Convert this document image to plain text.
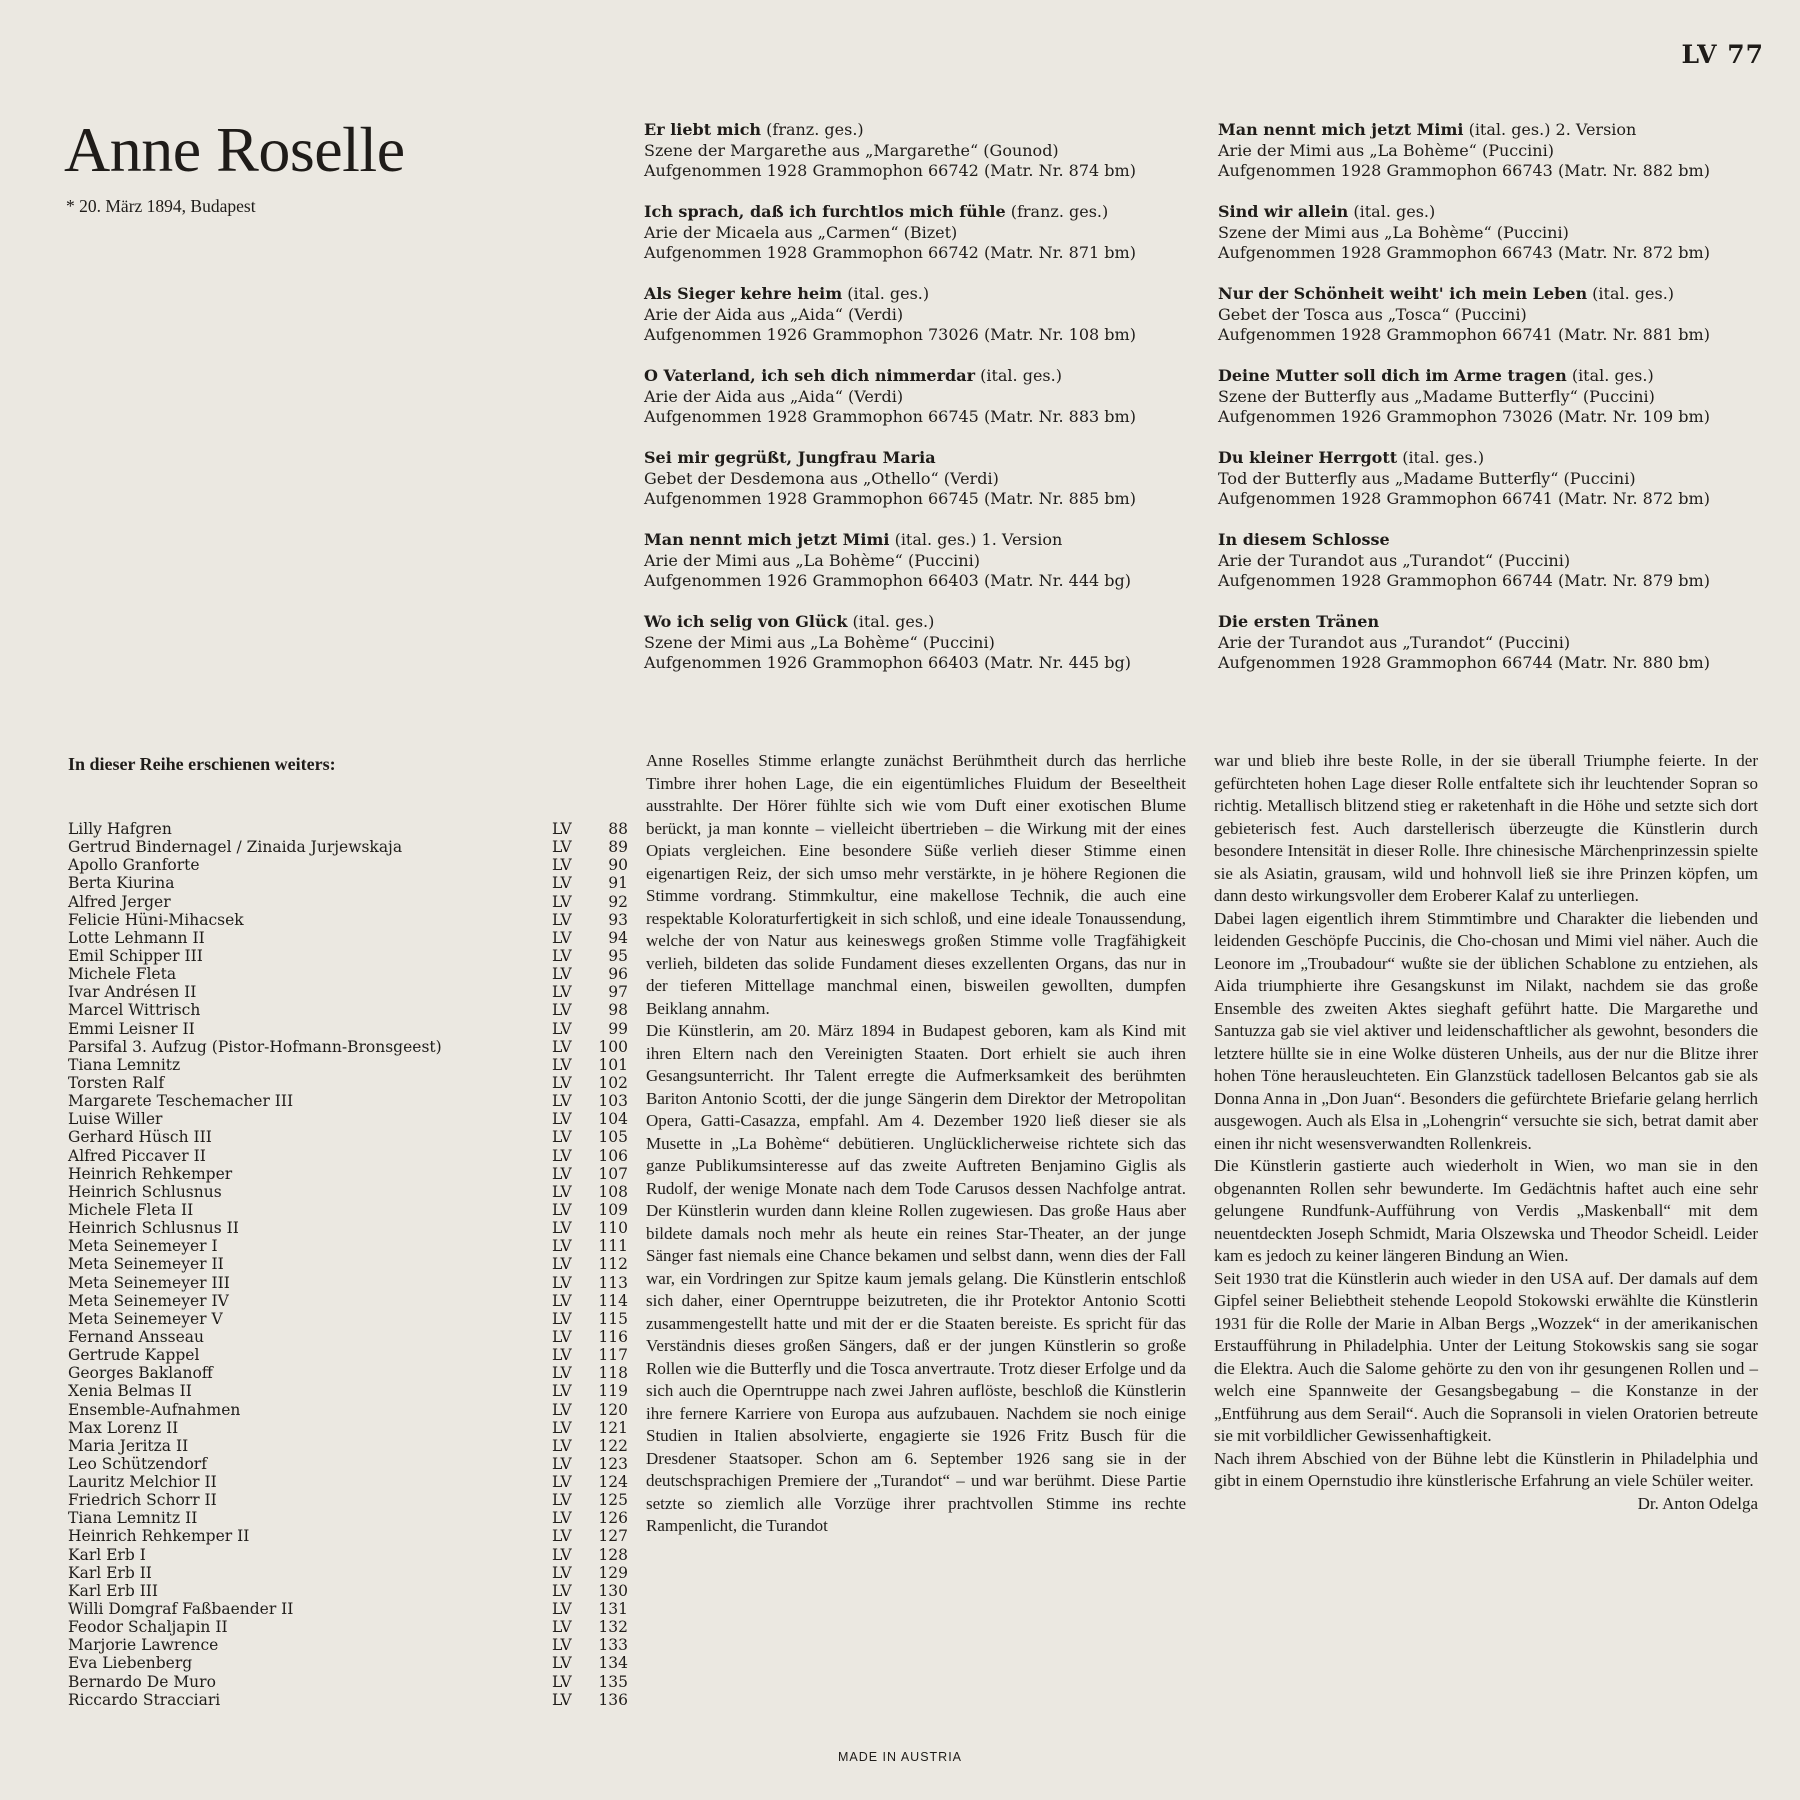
LV 77
Anne Roselle
* 20. März 1894, Budapest
Er liebt mich (franz. ges.)
Szene der Margarethe aus „Margarethe“ (Gounod)
Aufgenommen 1928 Grammophon 66742 (Matr. Nr. 874 bm)
Ich sprach, daß ich furchtlos mich fühle (franz. ges.)
Arie der Micaela aus „Carmen“ (Bizet)
Aufgenommen 1928 Grammophon 66742 (Matr. Nr. 871 bm)
Als Sieger kehre heim (ital. ges.)
Arie der Aida aus „Aida“ (Verdi)
Aufgenommen 1926 Grammophon 73026 (Matr. Nr. 108 bm)
O Vaterland, ich seh dich nimmerdar (ital. ges.)
Arie der Aida aus „Aida“ (Verdi)
Aufgenommen 1928 Grammophon 66745 (Matr. Nr. 883 bm)
Sei mir gegrüßt, Jungfrau Maria
Gebet der Desdemona aus „Othello“ (Verdi)
Aufgenommen 1928 Grammophon 66745 (Matr. Nr. 885 bm)
Man nennt mich jetzt Mimi (ital. ges.) 1. Version
Arie der Mimi aus „La Bohème“ (Puccini)
Aufgenommen 1926 Grammophon 66403 (Matr. Nr. 444 bg)
Wo ich selig von Glück (ital. ges.)
Szene der Mimi aus „La Bohème“ (Puccini)
Aufgenommen 1926 Grammophon 66403 (Matr. Nr. 445 bg)
Man nennt mich jetzt Mimi (ital. ges.) 2. Version
Arie der Mimi aus „La Bohème“ (Puccini)
Aufgenommen 1928 Grammophon 66743 (Matr. Nr. 882 bm)
Sind wir allein (ital. ges.)
Szene der Mimi aus „La Bohème“ (Puccini)
Aufgenommen 1928 Grammophon 66743 (Matr. Nr. 872 bm)
Nur der Schönheit weiht' ich mein Leben (ital. ges.)
Gebet der Tosca aus „Tosca“ (Puccini)
Aufgenommen 1928 Grammophon 66741 (Matr. Nr. 881 bm)
Deine Mutter soll dich im Arme tragen (ital. ges.)
Szene der Butterfly aus „Madame Butterfly“ (Puccini)
Aufgenommen 1926 Grammophon 73026 (Matr. Nr. 109 bm)
Du kleiner Herrgott (ital. ges.)
Tod der Butterfly aus „Madame Butterfly“ (Puccini)
Aufgenommen 1928 Grammophon 66741 (Matr. Nr. 872 bm)
In diesem Schlosse
Arie der Turandot aus „Turandot“ (Puccini)
Aufgenommen 1928 Grammophon 66744 (Matr. Nr. 879 bm)
Die ersten Tränen
Arie der Turandot aus „Turandot“ (Puccini)
Aufgenommen 1928 Grammophon 66744 (Matr. Nr. 880 bm)
In dieser Reihe erschienen weiters:
Lilly Hafgren	LV	88
Gertrud Bindernagel / Zinaida Jurjewskaja	LV	89
Apollo Granforte	LV	90
Berta Kiurina	LV	91
Alfred Jerger	LV	92
Felicie Hüni-Mihacsek	LV	93
Lotte Lehmann II	LV	94
Emil Schipper III	LV	95
Michele Fleta	LV	96
Ivar Andrésen II	LV	97
Marcel Wittrisch	LV	98
Emmi Leisner II	LV	99
Parsifal 3. Aufzug (Pistor-Hofmann-Bronsgeest)	LV 100
Tiana Lemnitz	LV 101
Torsten Ralf	LV 102
Margarete Teschemacher III	LV 103
Luise Willer	LV 104
Gerhard Hüsch III	LV 105
Alfred Piccaver II	LV 106
Heinrich Rehkemper	LV 107
Heinrich Schlusnus	LV 108
Michele Fleta II	LV 109
Heinrich Schlusnus II	LV 110
Meta Seinemeyer I	LV 111
Meta Seinemeyer II	LV 112
Meta Seinemeyer III	LV 113
Meta Seinemeyer IV	LV 114
Meta Seinemeyer V	LV 115
Fernand Ansseau	LV 116
Gertrude Kappel	LV 117
Georges Baklanoff	LV 118
Xenia Belmas II	LV 119
Ensemble-Aufnahmen	LV 120
Max Lorenz II	LV 121
Maria Jeritza II	LV 122
Leo Schützendorf	LV 123
Lauritz Melchior II	LV 124
Friedrich Schorr II	LV 125
Tiana Lemnitz II	LV 126
Heinrich Rehkemper II	LV 127
Karl Erb I	LV 128
Karl Erb II	LV 129
Karl Erb III	LV 130
Willi Domgraf Faßbaender II	LV 131
Feodor Schaljapin II	LV 132
Marjorie Lawrence	LV 133
Eva Liebenberg	LV 134
Bernardo De Muro	LV 135
Riccardo Stracciari	LV 136

Anne Roselles Stimme erlangte zunächst Berühmtheit durch das herrliche Timbre ihrer hohen Lage, die ein eigentümliches Fluidum der Beseeltheit ausstrahlte. Der Hörer fühlte sich wie vom Duft einer exotischen Blume berückt, ja man konnte – vielleicht übertrieben – die Wirkung mit der eines Opiats vergleichen. Eine besondere Süße verlieh dieser Stimme einen eigenartigen Reiz, der sich umso mehr verstärkte, in je höhere Regionen die Stimme vordrang. Stimmkultur, eine makellose Technik, die auch eine respektable Koloraturfertigkeit in sich schloß, und eine ideale Tonaussendung, welche der von Natur aus keineswegs großen Stimme volle Tragfähigkeit verlieh, bildeten das solide Fundament dieses exzellenten Organs, das nur in der tieferen Mittellage manchmal einen, bisweilen gewollten, dumpfen Beiklang annahm.

Die Künstlerin, am 20. März 1894 in Budapest geboren, kam als Kind mit ihren Eltern nach den Vereinigten Staaten. Dort erhielt sie auch ihren Gesangsunterricht. Ihr Talent erregte die Aufmerksamkeit des berühmten Bariton Antonio Scotti, der die junge Sängerin dem Direktor der Metropolitan Opera, Gatti-Casazza, empfahl. Am 4. Dezember 1920 ließ dieser sie als Musette in „La Bohème“ debütieren. Unglücklicherweise richtete sich das ganze Publikumsinteresse auf das zweite Auftreten Benjamino Giglis als Rudolf, der wenige Monate nach dem Tode Carusos dessen Nachfolge antrat. Der Künstlerin wurden dann kleine Rollen zugewiesen. Das große Haus aber bildete damals noch mehr als heute ein reines Star-Theater, an der junge Sänger fast niemals eine Chance bekamen und selbst dann, wenn dies der Fall war, ein Vordringen zur Spitze kaum jemals gelang. Die Künstlerin entschloß sich daher, einer Operntruppe beizutreten, die ihr Protektor Antonio Scotti zusammengestellt hatte und mit der er die Staaten bereiste. Es spricht für das Verständnis dieses großen Sängers, daß er der jungen Künstlerin so große Rollen wie die Butterfly und die Tosca anvertraute. Trotz dieser Erfolge und da sich auch die Operntruppe nach zwei Jahren auflöste, beschloß die Künstlerin ihre fernere Karriere von Europa aus aufzubauen. Nachdem sie noch einige Studien in Italien absolvierte, engagierte sie 1926 Fritz Busch für die Dresdener Staatsoper. Schon am 6. September 1926 sang sie in der deutschsprachigen Premiere der „Turandot“ – und war berühmt. Diese Partie setzte so ziemlich alle Vorzüge ihrer prachtvollen Stimme ins rechte Rampenlicht, die Turandot

war und blieb ihre beste Rolle, in der sie überall Triumphe feierte. In der gefürchteten hohen Lage dieser Rolle entfaltete sich ihr leuchtender Sopran so richtig. Metallisch blitzend stieg er raketenhaft in die Höhe und setzte sich dort gebieterisch fest. Auch darstellerisch überzeugte die Künstlerin durch besondere Intensität in dieser Rolle. Ihre chinesische Märchenprinzessin spielte sie als Asiatin, grausam, wild und hohnvoll ließ sie ihre Prinzen köpfen, um dann desto wirkungsvoller dem Eroberer Kalaf zu unterliegen.

Dabei lagen eigentlich ihrem Stimmtimbre und Charakter die liebenden und leidenden Geschöpfe Puccinis, die Cho-chosan und Mimi viel näher. Auch die Leonore im „Troubadour“ wußte sie der üblichen Schablone zu entziehen, als Aida triumphierte ihre Gesangskunst im Nilakt, nachdem sie das große Ensemble des zweiten Aktes sieghaft geführt hatte. Die Margarethe und Santuzza gab sie viel aktiver und leidenschaftlicher als gewohnt, besonders die letztere hüllte sie in eine Wolke düsteren Unheils, aus der nur die Blitze ihrer hohen Töne herausleuchteten. Ein Glanzstück tadellosen Belcantos gab sie als Donna Anna in „Don Juan“. Besonders die gefürchtete Briefarie gelang herrlich ausgewogen. Auch als Elsa in „Lohengrin“ versuchte sie sich, betrat damit aber einen ihr nicht wesensverwandten Rollenkreis.

Die Künstlerin gastierte auch wiederholt in Wien, wo man sie in den obgenannten Rollen sehr bewunderte. Im Gedächtnis haftet auch eine sehr gelungene Rundfunk-Aufführung von Verdis „Maskenball“ mit dem neuentdeckten Joseph Schmidt, Maria Olszewska und Theodor Scheidl. Leider kam es jedoch zu keiner längeren Bindung an Wien.

Seit 1930 trat die Künstlerin auch wieder in den USA auf. Der damals auf dem Gipfel seiner Beliebtheit stehende Leopold Stokowski erwählte die Künstlerin 1931 für die Rolle der Marie in Alban Bergs „Wozzek“ in der amerikanischen Erstaufführung in Philadelphia. Unter der Leitung Stokowskis sang sie sogar die Elektra. Auch die Salome gehörte zu den von ihr gesungenen Rollen und – welch eine Spannweite der Gesangsbegabung – die Konstanze in der „Entführung aus dem Serail“. Auch die Sopransoli in vielen Oratorien betreute sie mit vorbildlicher Gewissenhaftigkeit.

Nach ihrem Abschied von der Bühne lebt die Künstlerin in Philadelphia und gibt in einem Opernstudio ihre künstlerische Erfahrung an viele Schüler weiter.

Dr. Anton Odelga

MADE IN AUSTRIA
